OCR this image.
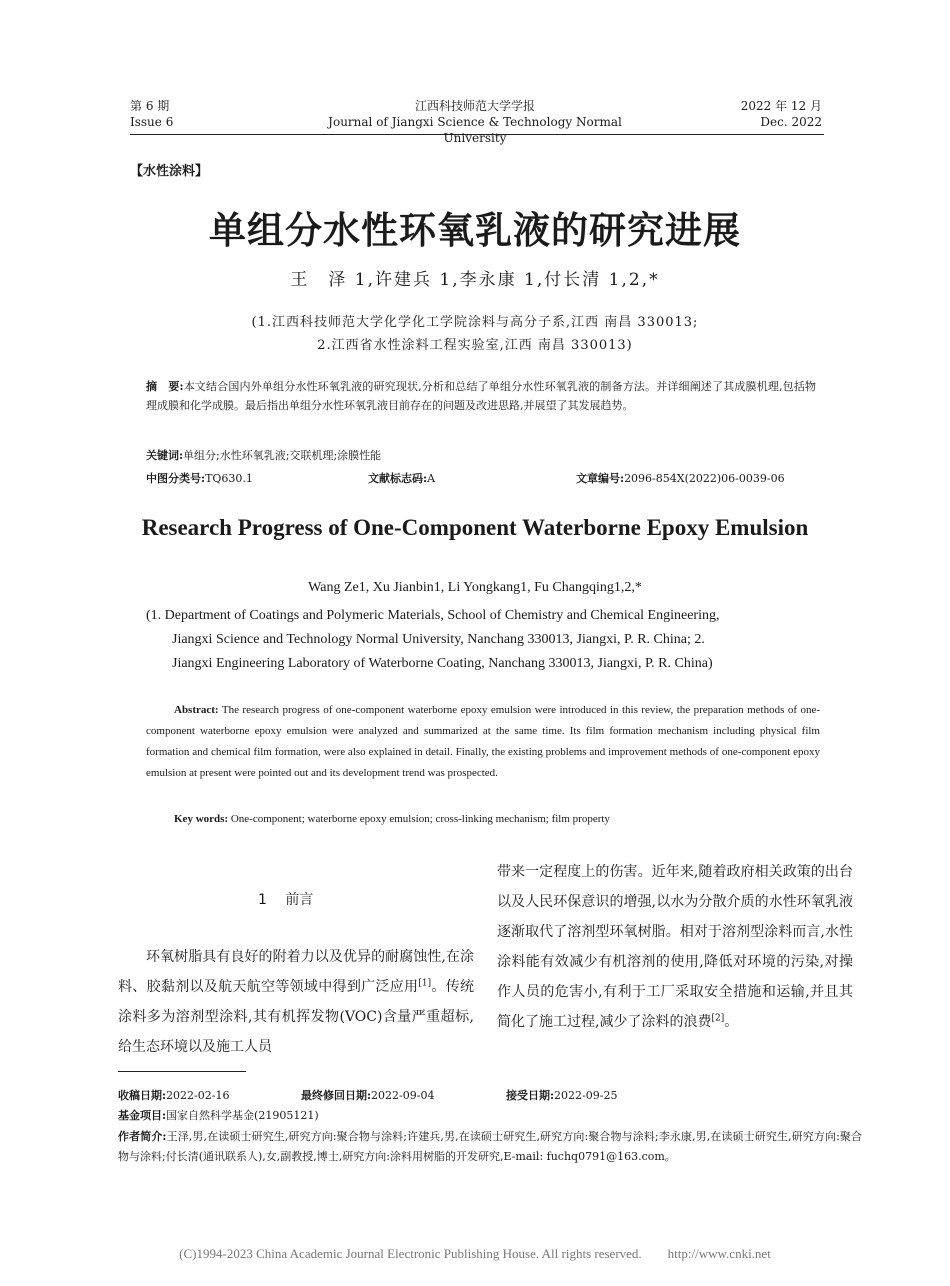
第 6 期
Issue 6
江西科技师范大学学报
Journal of Jiangxi Science & Technology Normal University
2022 年 12 月
Dec. 2022
【水性涂料】
单组分水性环氧乳液的研究进展
王　泽 1,许建兵 1,李永康 1,付长清 1,2,*
(1.江西科技师范大学化学化工学院涂料与高分子系,江西 南昌 330013;
2.江西省水性涂料工程实验室,江西 南昌 330013)
摘　要:本文结合国内外单组分水性环氧乳液的研究现状,分析和总结了单组分水性环氧乳液的制备方法。并详细阐述了其成膜机理,包括物理成膜和化学成膜。最后指出单组分水性环氧乳液目前存在的问题及改进思路,并展望了其发展趋势。
关键词:单组分;水性环氧乳液;交联机理;涂膜性能
中图分类号:TQ630.1	文献标志码:A	文章编号:2096-854X(2022)06-0039-06
Research Progress of One-Component Waterborne Epoxy Emulsion
Wang Ze1, Xu Jianbin1, Li Yongkang1, Fu Changqing1,2,*
(1. Department of Coatings and Polymeric Materials, School of Chemistry and Chemical Engineering,
Jiangxi Science and Technology Normal University, Nanchang 330013, Jiangxi, P. R. China; 2.
Jiangxi Engineering Laboratory of Waterborne Coating, Nanchang 330013, Jiangxi, P. R. China)
Abstract: The research progress of one-component waterborne epoxy emulsion were introduced in this review, the preparation methods of one-component waterborne epoxy emulsion were analyzed and summarized at the same time. Its film formation mechanism including physical film formation and chemical film formation, were also explained in detail. Finally, the existing problems and improvement methods of one-component epoxy emulsion at present were pointed out and its development trend was prospected.
Key words: One-component; waterborne epoxy emulsion; cross-linking mechanism; film property
1　 前言

环氧树脂具有良好的附着力以及优异的耐腐蚀性,在涂料、胶黏剂以及航天航空等领域中得到广泛应用[1]。传统涂料多为溶剂型涂料,其有机挥发物(VOC)含量严重超标,给生态环境以及施工人员

带来一定程度上的伤害。近年来,随着政府相关政策的出台以及人民环保意识的增强,以水为分散介质的水性环氧乳液逐渐取代了溶剂型环氧树脂。相对于溶剂型涂料而言,水性涂料能有效减少有机溶剂的使用,降低对环境的污染,对操作人员的危害小,有利于工厂采取安全措施和运输,并且其简化了施工过程,减少了涂料的浪费[2]。

收稿日期:2022-02-16	最终修回日期:2022-09-04	接受日期:2022-09-25
基金项目:国家自然科学基金(21905121)
作者简介:王泽,男,在读硕士研究生,研究方向:聚合物与涂料;许建兵,男,在读硕士研究生,研究方向:聚合物与涂料;李永康,男,在读硕士研究生,研究方向:聚合物与涂料;付长清(通讯联系人),女,副教授,博士,研究方向:涂料用树脂的开发研究,E-mail: fuchq0791@163.com。
(C)1994-2023 China Academic Journal Electronic Publishing House. All rights reserved.　　http://www.cnki.net
